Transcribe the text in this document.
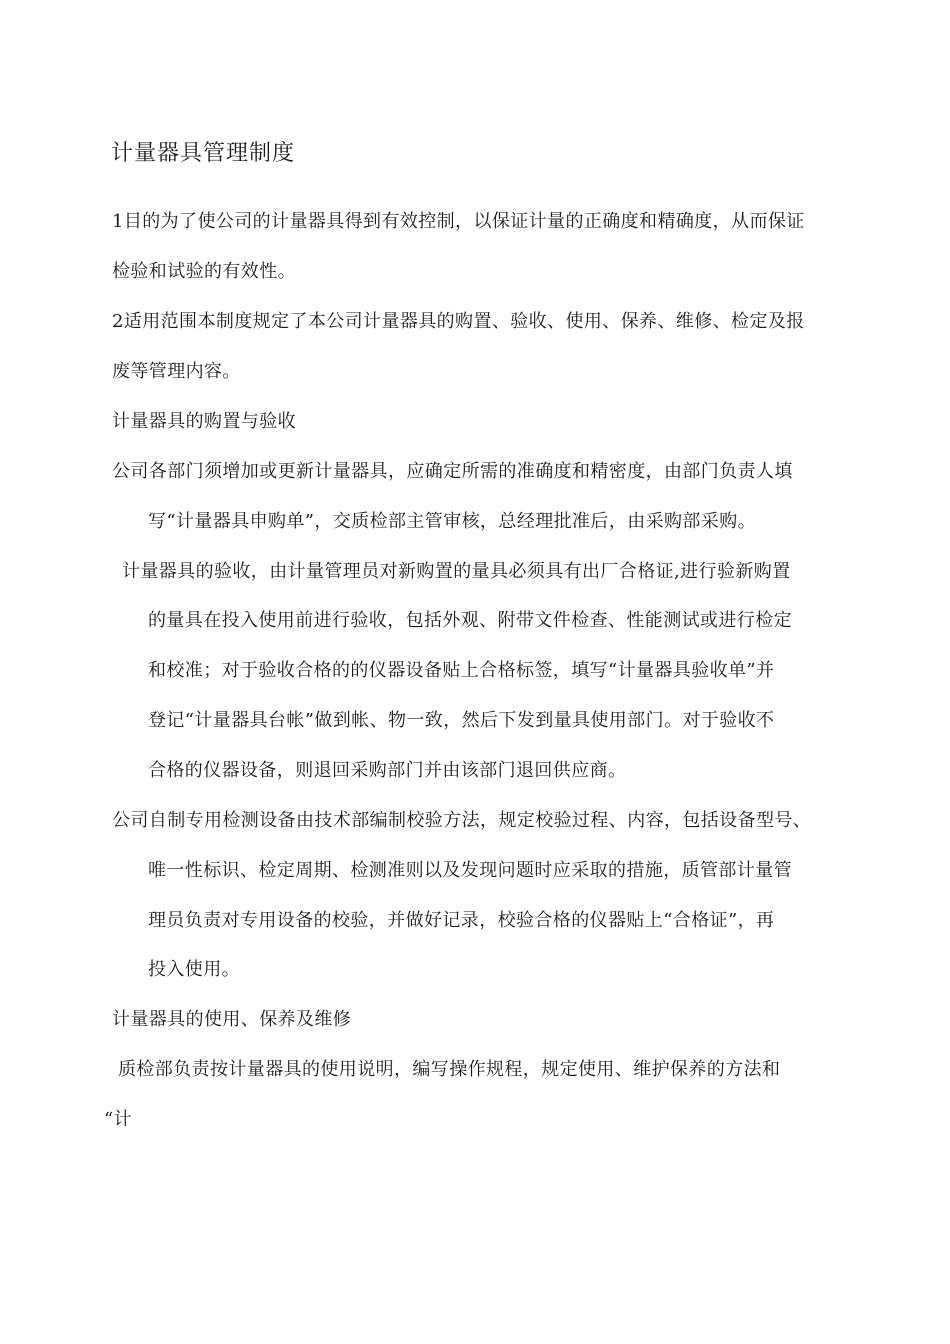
计量器具管理制度
1目的为了使公司的计量器具得到有效控制，以保证计量的正确度和精确度，从而保证
检验和试验的有效性。
2适用范围本制度规定了本公司计量器具的购置、验收、使用、保养、维修、检定及报
废等管理内容。
计量器具的购置与验收
公司各部门须增加或更新计量器具，应确定所需的准确度和精密度，由部门负责人填
写“计量器具申购单”，交质检部主管审核，总经理批准后，由采购部采购。
计量器具的验收，由计量管理员对新购置的量具必须具有出厂合格证,进行验新购置
的量具在投入使用前进行验收，包括外观、附带文件检查、性能测试或进行检定
和校准；对于验收合格的的仪器设备贴上合格标签，填写“计量器具验收单”并
登记“计量器具台帐”做到帐、物一致，然后下发到量具使用部门。对于验收不
合格的仪器设备，则退回采购部门并由该部门退回供应商。
公司自制专用检测设备由技术部编制校验方法，规定校验过程、内容，包括设备型号、
唯一性标识、检定周期、检测准则以及发现问题时应采取的措施，质管部计量管
理员负责对专用设备的校验，并做好记录，校验合格的仪器贴上“合格证”，再
投入使用。
计量器具的使用、保养及维修
质检部负责按计量器具的使用说明，编写操作规程，规定使用、维护保养的方法和
“计
